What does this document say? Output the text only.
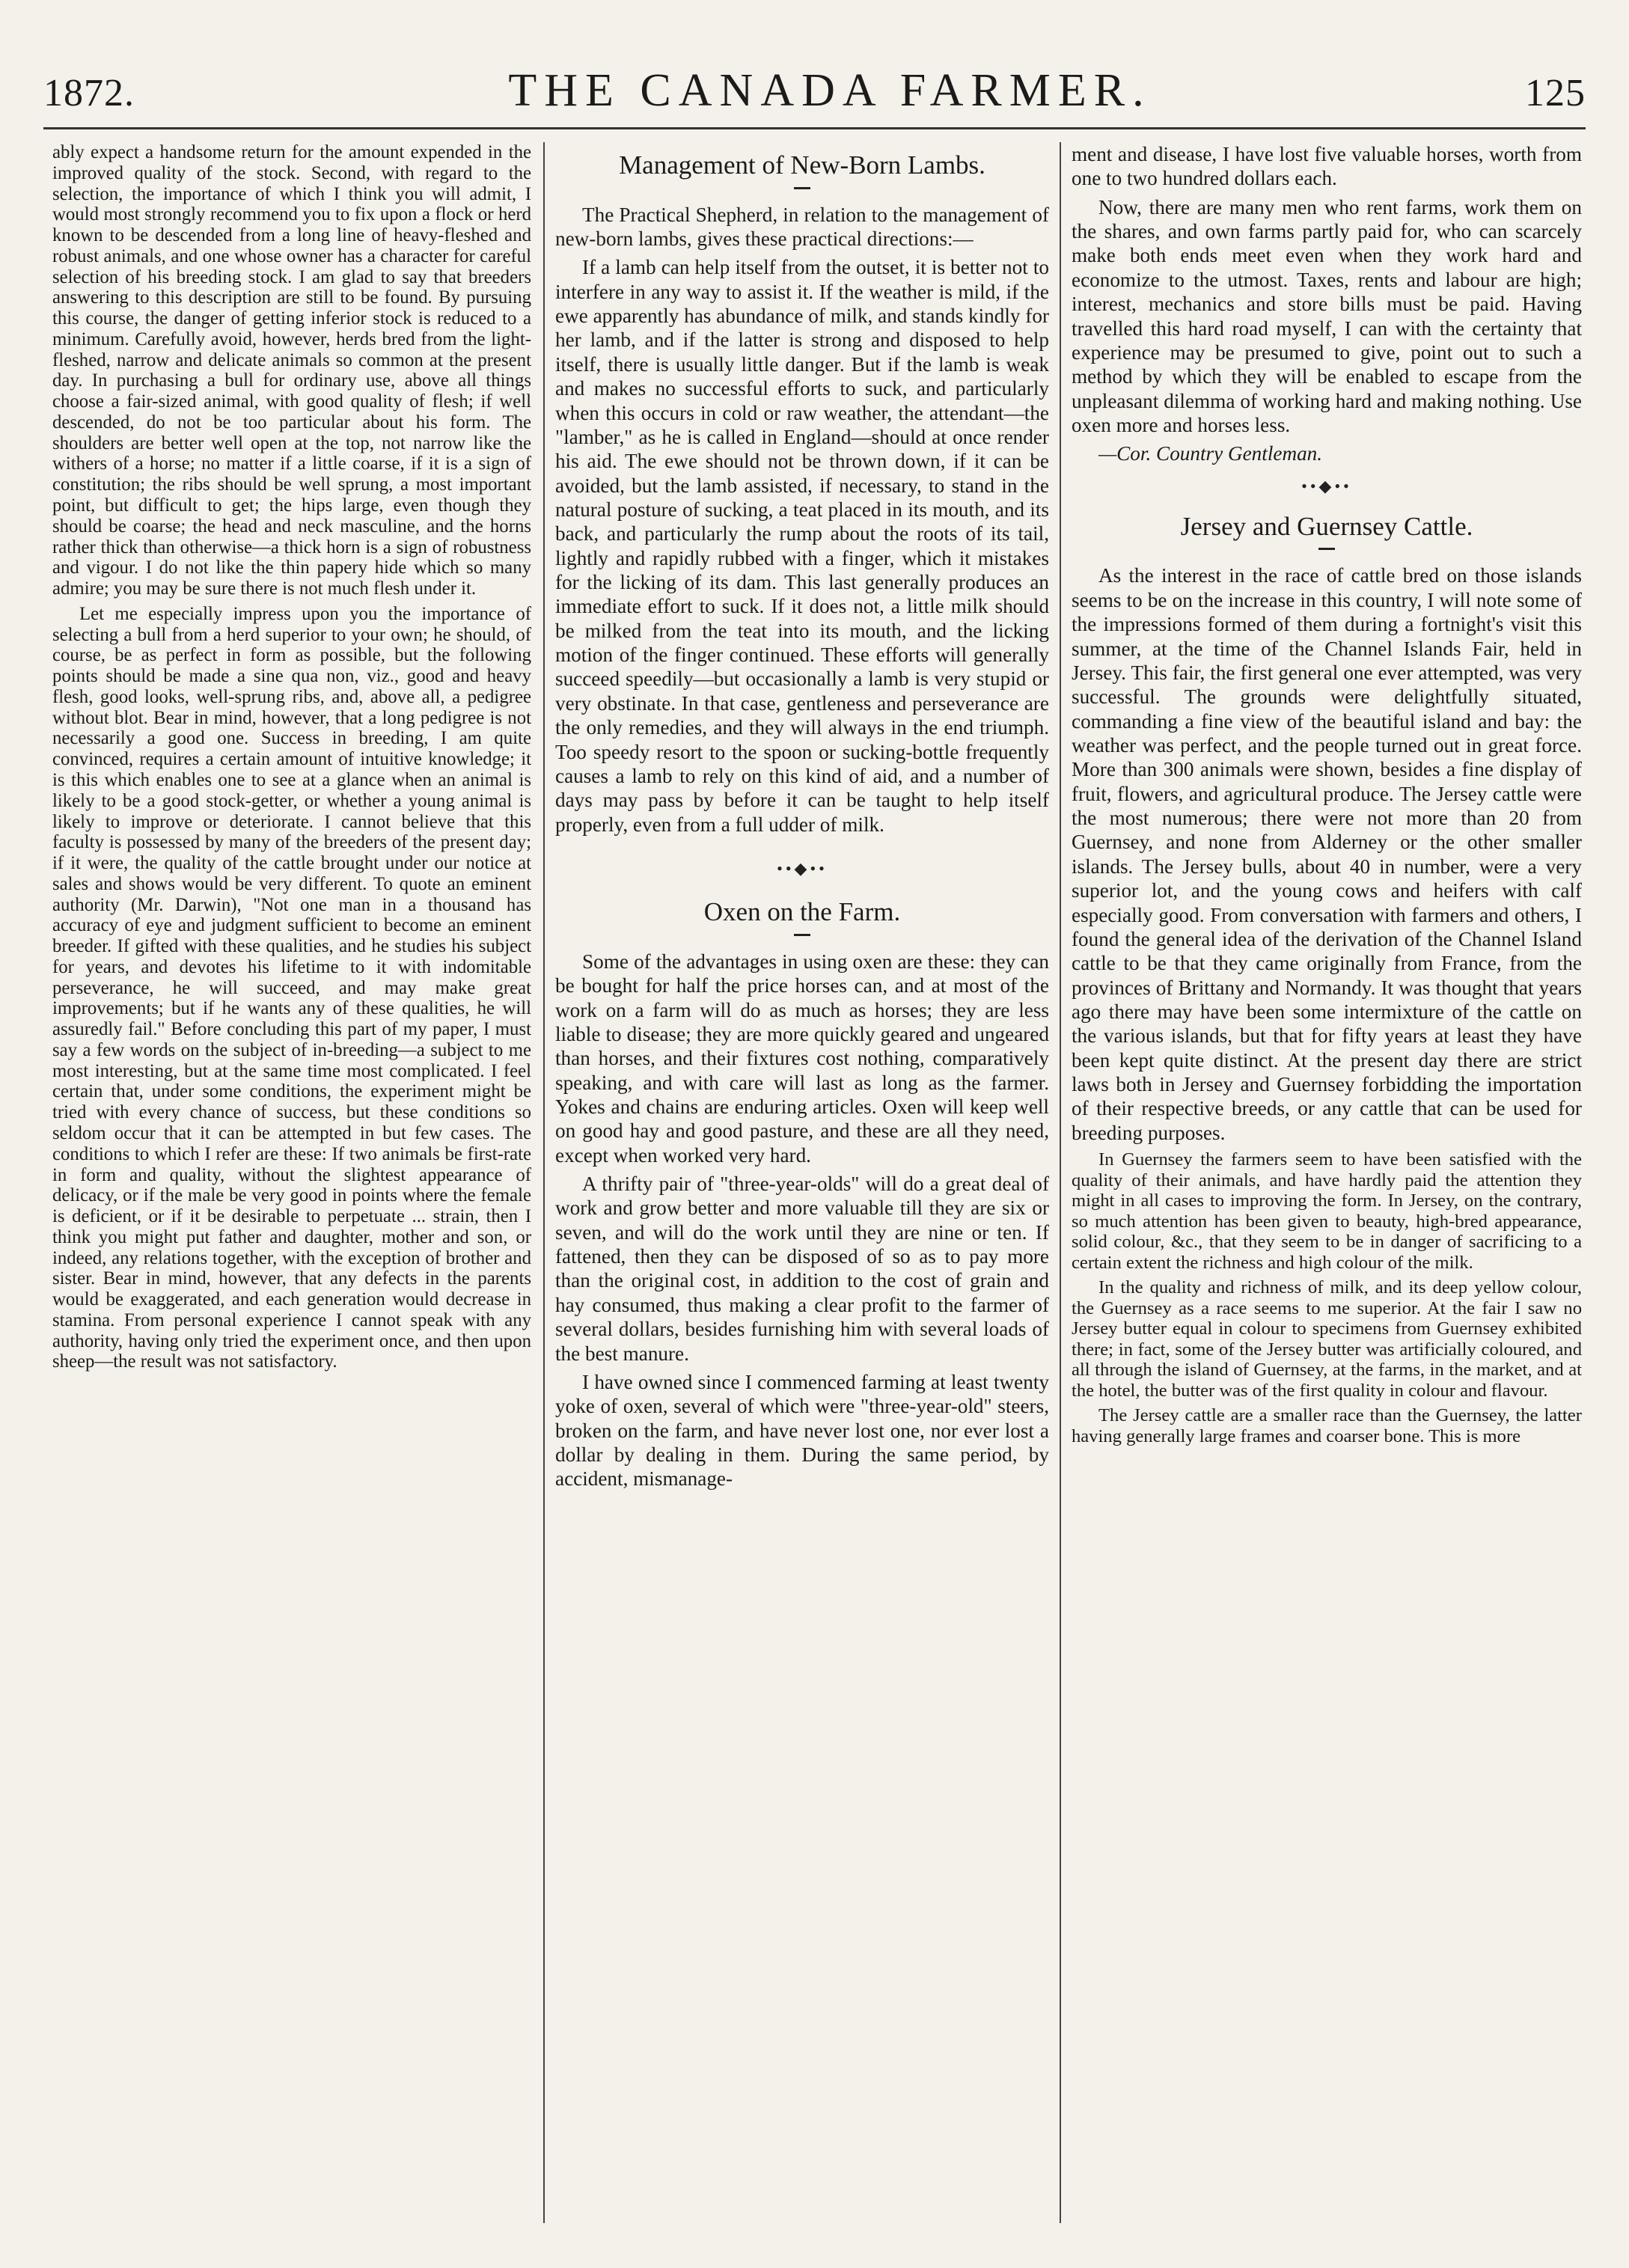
1872.	THE CANADA FARMER.	125

ably expect a handsome return for the amount expended in the improved quality of the stock. Second, with regard to the selection, the importance of which I think you will admit, I would most strongly recommend you to fix upon a flock or herd known to be descended from a long line of heavy-fleshed and robust animals, and one whose owner has a character for careful selection of his breeding stock. I am glad to say that breeders answering to this description are still to be found. By pursuing this course, the danger of getting inferior stock is reduced to a minimum. Carefully avoid, however, herds bred from the light-fleshed, narrow and delicate animals so common at the present day. In purchasing a bull for ordinary use, above all things choose a fair-sized animal, with good quality of flesh; if well descended, do not be too particular about his form. The shoulders are better well open at the top, not narrow like the withers of a horse; no matter if a little coarse, if it is a sign of constitution; the ribs should be well sprung, a most important point, but difficult to get; the hips large, even though they should be coarse; the head and neck masculine, and the horns rather thick than otherwise—a thick horn is a sign of robustness and vigour. I do not like the thin papery hide which so many admire; you may be sure there is not much flesh under it.

Let me especially impress upon you the importance of selecting a bull from a herd superior to your own; he should, of course, be as perfect in form as possible, but the following points should be made a sine qua non, viz., good and heavy flesh, good looks, well-sprung ribs, and, above all, a pedigree without blot. Bear in mind, however, that a long pedigree is not necessarily a good one. Success in breeding, I am quite convinced, requires a certain amount of intuitive knowledge; it is this which enables one to see at a glance when an animal is likely to be a good stock-getter, or whether a young animal is likely to improve or deteriorate. I cannot believe that this faculty is possessed by many of the breeders of the present day; if it were, the quality of the cattle brought under our notice at sales and shows would be very different. To quote an eminent authority (Mr. Darwin), "Not one man in a thousand has accuracy of eye and judgment sufficient to become an eminent breeder. If gifted with these qualities, and he studies his subject for years, and devotes his lifetime to it with indomitable perseverance, he will succeed, and may make great improvements; but if he wants any of these qualities, he will assuredly fail." Before concluding this part of my paper, I must say a few words on the subject of in-breeding—a subject to me most interesting, but at the same time most complicated. I feel certain that, under some conditions, the experiment might be tried with every chance of success, but these conditions so seldom occur that it can be attempted in but few cases. The conditions to which I refer are these: If two animals be first-rate in form and quality, without the slightest appearance of delicacy, or if the male be very good in points where the female is deficient, or if it be desirable to perpetuate ... strain, then I think you might put father and daughter, mother and son, or indeed, any relations together, with the exception of brother and sister. Bear in mind, however, that any defects in the parents would be exaggerated, and each generation would decrease in stamina. From personal experience I cannot speak with any authority, having only tried the experiment once, and then upon sheep—the result was not satisfactory.

Management of New-Born Lambs.

The Practical Shepherd, in relation to the management of new-born lambs, gives these practical directions:—

If a lamb can help itself from the outset, it is better not to interfere in any way to assist it. If the weather is mild, if the ewe apparently has abundance of milk, and stands kindly for her lamb, and if the latter is strong and disposed to help itself, there is usually little danger. But if the lamb is weak and makes no successful efforts to suck, and particularly when this occurs in cold or raw weather, the attendant—the "lamber," as he is called in England—should at once render his aid. The ewe should not be thrown down, if it can be avoided, but the lamb assisted, if necessary, to stand in the natural posture of sucking, a teat placed in its mouth, and its back, and particularly the rump about the roots of its tail, lightly and rapidly rubbed with a finger, which it mistakes for the licking of its dam. This last generally produces an immediate effort to suck. If it does not, a little milk should be milked from the teat into its mouth, and the licking motion of the finger continued. These efforts will generally succeed speedily—but occasionally a lamb is very stupid or very obstinate. In that case, gentleness and perseverance are the only remedies, and they will always in the end triumph. Too speedy resort to the spoon or sucking-bottle frequently causes a lamb to rely on this kind of aid, and a number of days may pass by before it can be taught to help itself properly, even from a full udder of milk.

••◆••
Oxen on the Farm.

Some of the advantages in using oxen are these: they can be bought for half the price horses can, and at most of the work on a farm will do as much as horses; they are less liable to disease; they are more quickly geared and ungeared than horses, and their fixtures cost nothing, comparatively speaking, and with care will last as long as the farmer. Yokes and chains are enduring articles. Oxen will keep well on good hay and good pasture, and these are all they need, except when worked very hard.

A thrifty pair of "three-year-olds" will do a great deal of work and grow better and more valuable till they are six or seven, and will do the work until they are nine or ten. If fattened, then they can be disposed of so as to pay more than the original cost, in addition to the cost of grain and hay consumed, thus making a clear profit to the farmer of several dollars, besides furnishing him with several loads of the best manure.

I have owned since I commenced farming at least twenty yoke of oxen, several of which were "three-year-old" steers, broken on the farm, and have never lost one, nor ever lost a dollar by dealing in them. During the same period, by accident, mismanage-

ment and disease, I have lost five valuable horses, worth from one to two hundred dollars each.

Now, there are many men who rent farms, work them on the shares, and own farms partly paid for, who can scarcely make both ends meet even when they work hard and economize to the utmost. Taxes, rents and labour are high; interest, mechanics and store bills must be paid. Having travelled this hard road myself, I can with the certainty that experience may be presumed to give, point out to such a method by which they will be enabled to escape from the unpleasant dilemma of working hard and making nothing. Use oxen more and horses less.

—Cor. Country Gentleman.

••◆••
Jersey and Guernsey Cattle.

As the interest in the race of cattle bred on those islands seems to be on the increase in this country, I will note some of the impressions formed of them during a fortnight's visit this summer, at the time of the Channel Islands Fair, held in Jersey. This fair, the first general one ever attempted, was very successful. The grounds were delightfully situated, commanding a fine view of the beautiful island and bay: the weather was perfect, and the people turned out in great force. More than 300 animals were shown, besides a fine display of fruit, flowers, and agricultural produce. The Jersey cattle were the most numerous; there were not more than 20 from Guernsey, and none from Alderney or the other smaller islands. The Jersey bulls, about 40 in number, were a very superior lot, and the young cows and heifers with calf especially good. From conversation with farmers and others, I found the general idea of the derivation of the Channel Island cattle to be that they came originally from France, from the provinces of Brittany and Normandy. It was thought that years ago there may have been some intermixture of the cattle on the various islands, but that for fifty years at least they have been kept quite distinct. At the present day there are strict laws both in Jersey and Guernsey forbidding the importation of their respective breeds, or any cattle that can be used for breeding purposes.

In Guernsey the farmers seem to have been satisfied with the quality of their animals, and have hardly paid the attention they might in all cases to improving the form. In Jersey, on the contrary, so much attention has been given to beauty, high-bred appearance, solid colour, &c., that they seem to be in danger of sacrificing to a certain extent the richness and high colour of the milk.

In the quality and richness of milk, and its deep yellow colour, the Guernsey as a race seems to me superior. At the fair I saw no Jersey butter equal in colour to specimens from Guernsey exhibited there; in fact, some of the Jersey butter was artificially coloured, and all through the island of Guernsey, at the farms, in the market, and at the hotel, the butter was of the first quality in colour and flavour.

The Jersey cattle are a smaller race than the Guernsey, the latter having generally large frames and coarser bone. This is more
